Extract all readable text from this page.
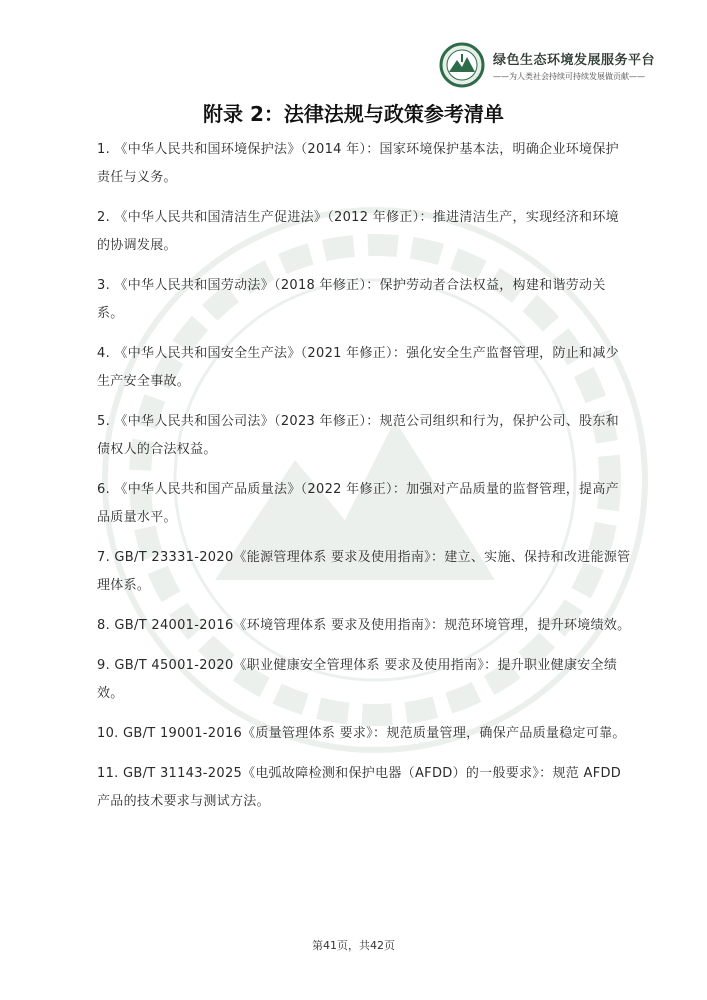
绿色生态环境发展服务平台
——为人类社会持续可持续发展做贡献——
附录 2：法律法规与政策参考清单
1. 《中华人民共和国环境保护法》（2014 年）：国家环境保护基本法，明确企业环境保护责任与义务。
2. 《中华人民共和国清洁生产促进法》（2012 年修正）：推进清洁生产，实现经济和环境的协调发展。
3. 《中华人民共和国劳动法》（2018 年修正）：保护劳动者合法权益，构建和谐劳动关系。
4. 《中华人民共和国安全生产法》（2021 年修正）：强化安全生产监督管理，防止和减少生产安全事故。
5. 《中华人民共和国公司法》（2023 年修正）：规范公司组织和行为，保护公司、股东和债权人的合法权益。
6. 《中华人民共和国产品质量法》（2022 年修正）：加强对产品质量的监督管理，提高产品质量水平。
7. GB/T 23331-2020《能源管理体系 要求及使用指南》：建立、实施、保持和改进能源管理体系。
8. GB/T 24001-2016《环境管理体系 要求及使用指南》：规范环境管理，提升环境绩效。
9. GB/T 45001-2020《职业健康安全管理体系 要求及使用指南》：提升职业健康安全绩效。
10. GB/T 19001-2016《质量管理体系 要求》：规范质量管理，确保产品质量稳定可靠。
11. GB/T 31143-2025《电弧故障检测和保护电器（AFDD）的一般要求》：规范 AFDD 产品的技术要求与测试方法。
第41页，共42页
